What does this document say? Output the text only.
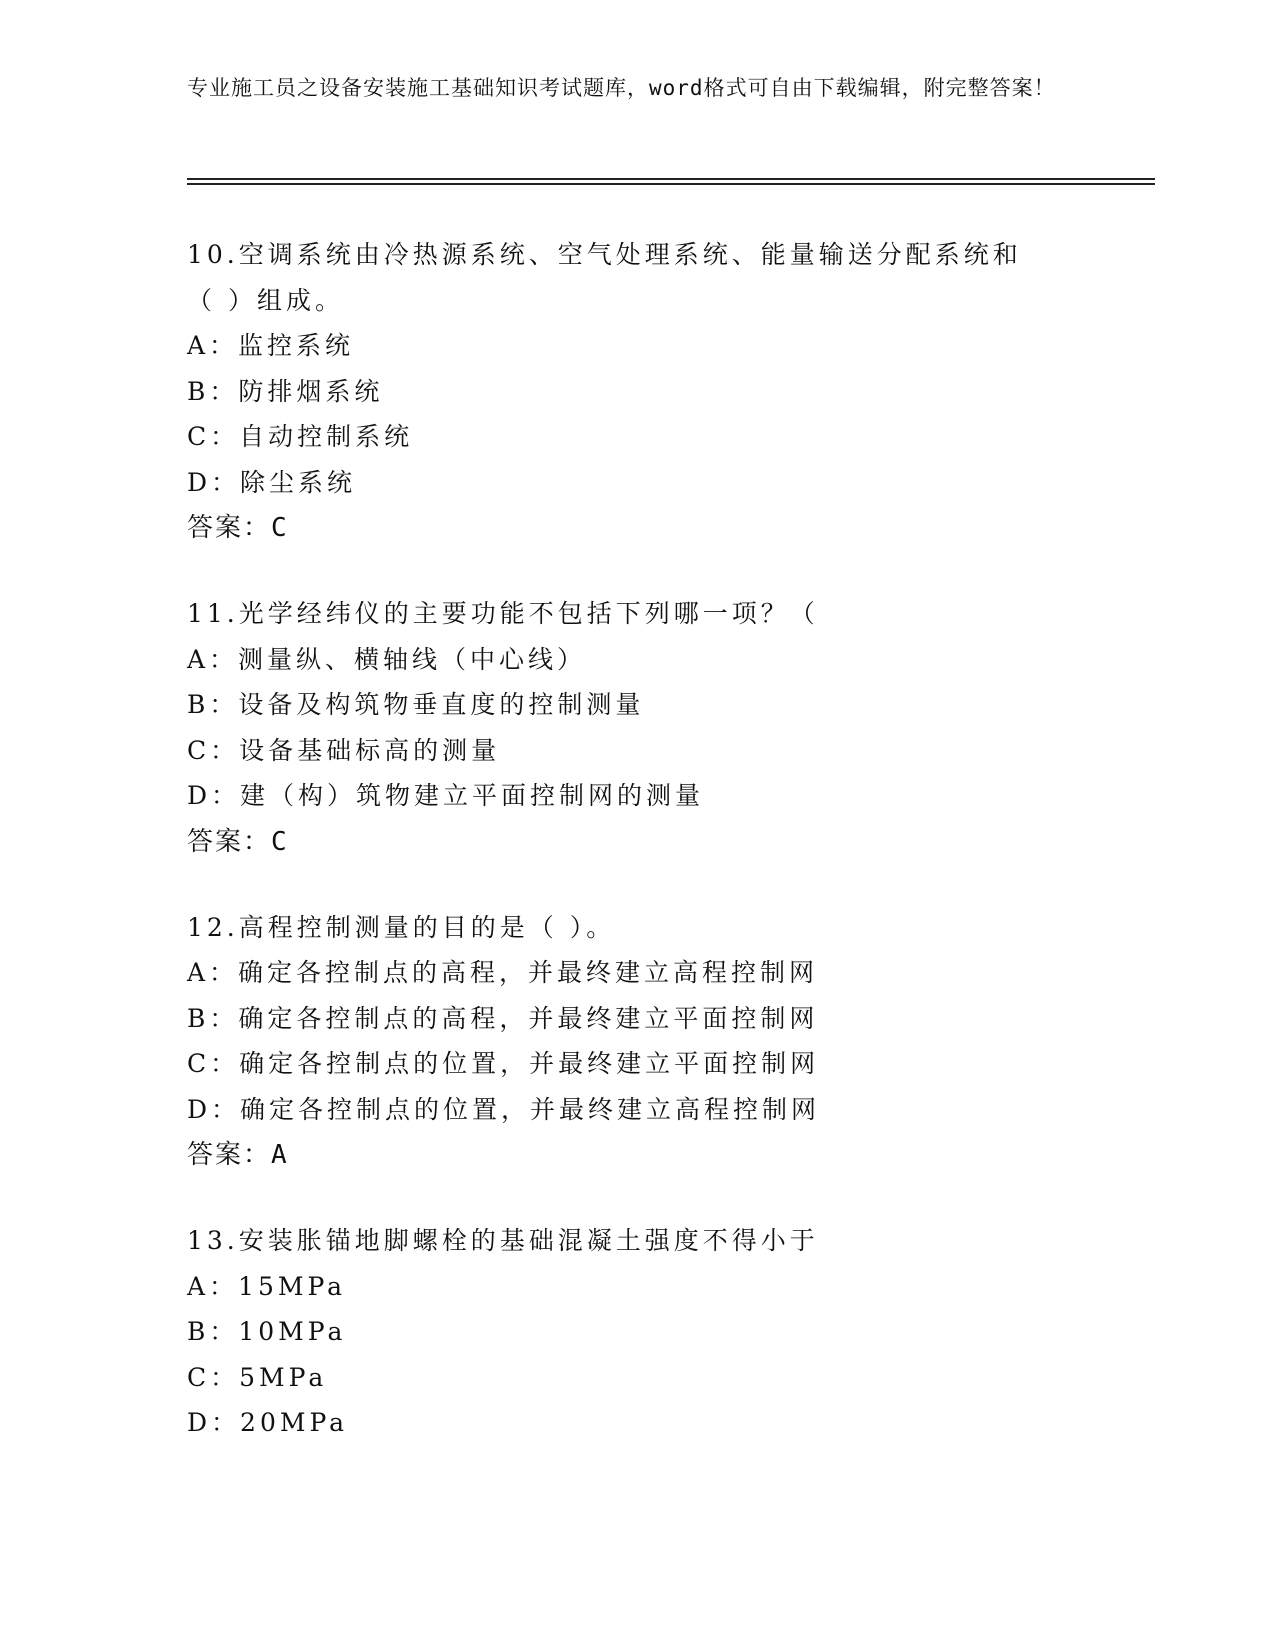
专业施工员之设备安装施工基础知识考试题库，word格式可自由下载编辑，附完整答案！
10.空调系统由冷热源系统、空气处理系统、能量输送分配系统和（ ）组成。
A：监控系统
B：防排烟系统
C：自动控制系统
D：除尘系统
答案：C
11.光学经纬仪的主要功能不包括下列哪一项？（
A：测量纵、横轴线（中心线）
B：设备及构筑物垂直度的控制测量
C：设备基础标高的测量
D：建（构）筑物建立平面控制网的测量
答案：C
12.高程控制测量的目的是（ ）。
A：确定各控制点的高程，并最终建立高程控制网
B：确定各控制点的高程，并最终建立平面控制网
C：确定各控制点的位置，并最终建立平面控制网
D：确定各控制点的位置，并最终建立高程控制网
答案：A
13.安装胀锚地脚螺栓的基础混凝土强度不得小于
A：15MPa
B：10MPa
C：5MPa
D：20MPa
